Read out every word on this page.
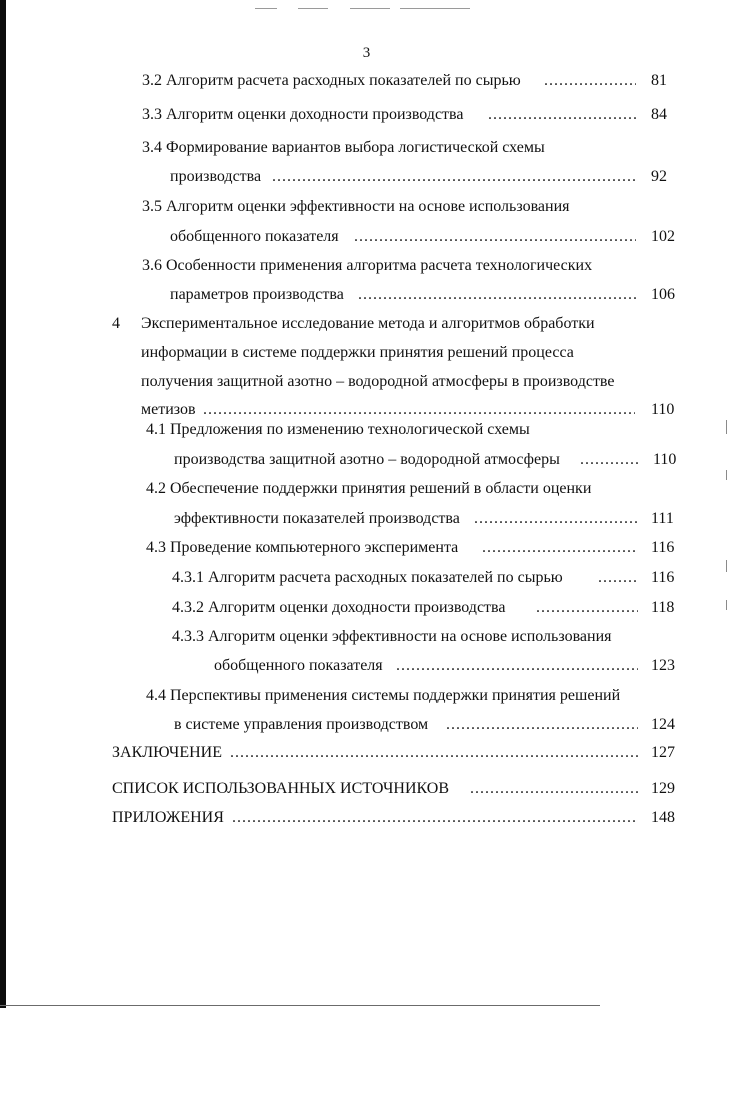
3
3.2 Алгоритм расчета расходных показателей по сырью .....	81
3.3 Алгоритм оценки доходности производства .....	84
3.4 Формирование вариантов выбора логистической схемы
производства .....	92
3.5 Алгоритм оценки эффективности на основе использования
обобщенного показателя .....	102
3.6 Особенности применения алгоритма расчета технологических
параметров производства .....	106
4	Экспериментальное исследование метода и алгоритмов обработки
информации в системе поддержки принятия решений процесса
получения защитной азотно – водородной атмосферы в производстве
метизов .....	110
4.1 Предложения по изменению технологической схемы
производства защитной азотно – водородной атмосферы .....	110
4.2 Обеспечение поддержки принятия решений в области оценки
эффективности показателей производства .....	111
4.3 Проведение компьютерного эксперимента .....	116
4.3.1 Алгоритм расчета расходных показателей по сырью .....	116
4.3.2 Алгоритм оценки доходности производства .....	118
4.3.3 Алгоритм оценки эффективности на основе использования
обобщенного показателя .....	123
4.4 Перспективы применения системы поддержки принятия решений
в системе управления производством .....	124
ЗАКЛЮЧЕНИЕ .....	127
СПИСОК ИСПОЛЬЗОВАННЫХ ИСТОЧНИКОВ .....	129
ПРИЛОЖЕНИЯ .....	148
